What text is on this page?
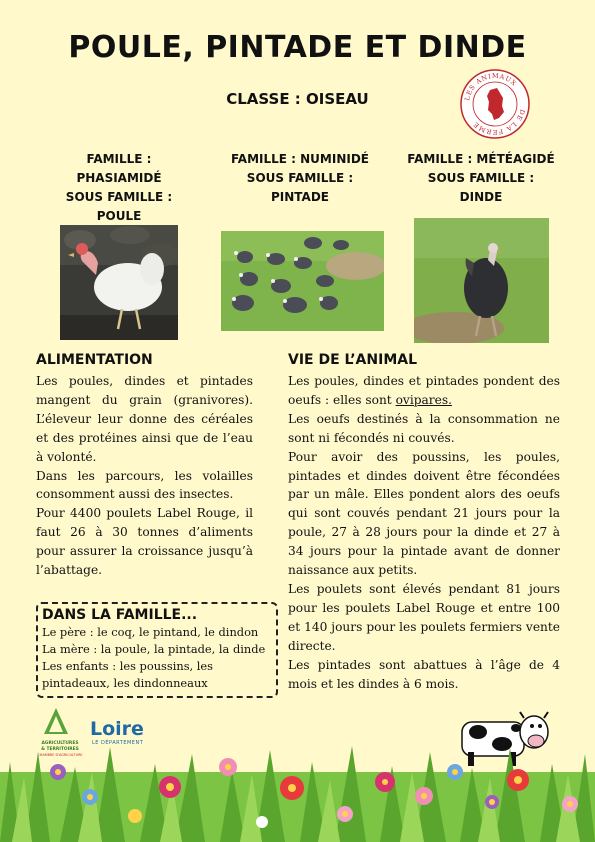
POULE, PINTADE ET DINDE
CLASSE : OISEAU	LES ANIMAUX
DE LA FERME
FAMILLE :
PHASIAMIDÉ
SOUS FAMILLE :
POULE
FAMILLE : NUMINIDÉ
SOUS FAMILLE :
PINTADE
FAMILLE : MÉTÉAGIDÉ
SOUS FAMILLE :
DINDE
ALIMENTATION

Les poules, dindes et pintades mangent du grain (granivores). L’éleveur leur donne des céréales et des protéines ainsi que de l’eau à volonté.

Dans les parcours, les volailles consomment aussi des insectes.

Pour 4400 poulets Label Rouge, il faut 26 à 30 tonnes d’aliments pour assurer la croissance jusqu’à l’abattage.

VIE DE L’ANIMAL

Les poules, dindes et pintades pondent des oeufs : elles sont ovipares.

Les oeufs destinés à la consommation ne sont ni fécondés ni couvés.

Pour avoir des poussins, les poules, pintades et dindes doivent être fécondées par un mâle. Elles pondent alors des oeufs qui sont couvés pendant 21 jours pour la poule, 27 à 28 jours pour la dinde et 27 à 34 jours pour la pintade avant de donner naissance aux petits.

Les poulets sont élevés pendant 81 jours pour les poulets Label Rouge et entre 100 et 140 jours pour les poulets fermiers vente directe.

Les pintades sont abattues à l’âge de 4 mois et les dindes à 6 mois.

DANS LA FAMILLE...
Le père : le coq, le pintand, le dindon
La mère : la poule, la pintade, la dinde
Les enfants : les poussins, les
pintadeaux, les dindonneaux
AGRICULTURES
& TERRITOIRES
CHAMBRE D'AGRICULTURE
Loire
LE DÉPARTEMENT
